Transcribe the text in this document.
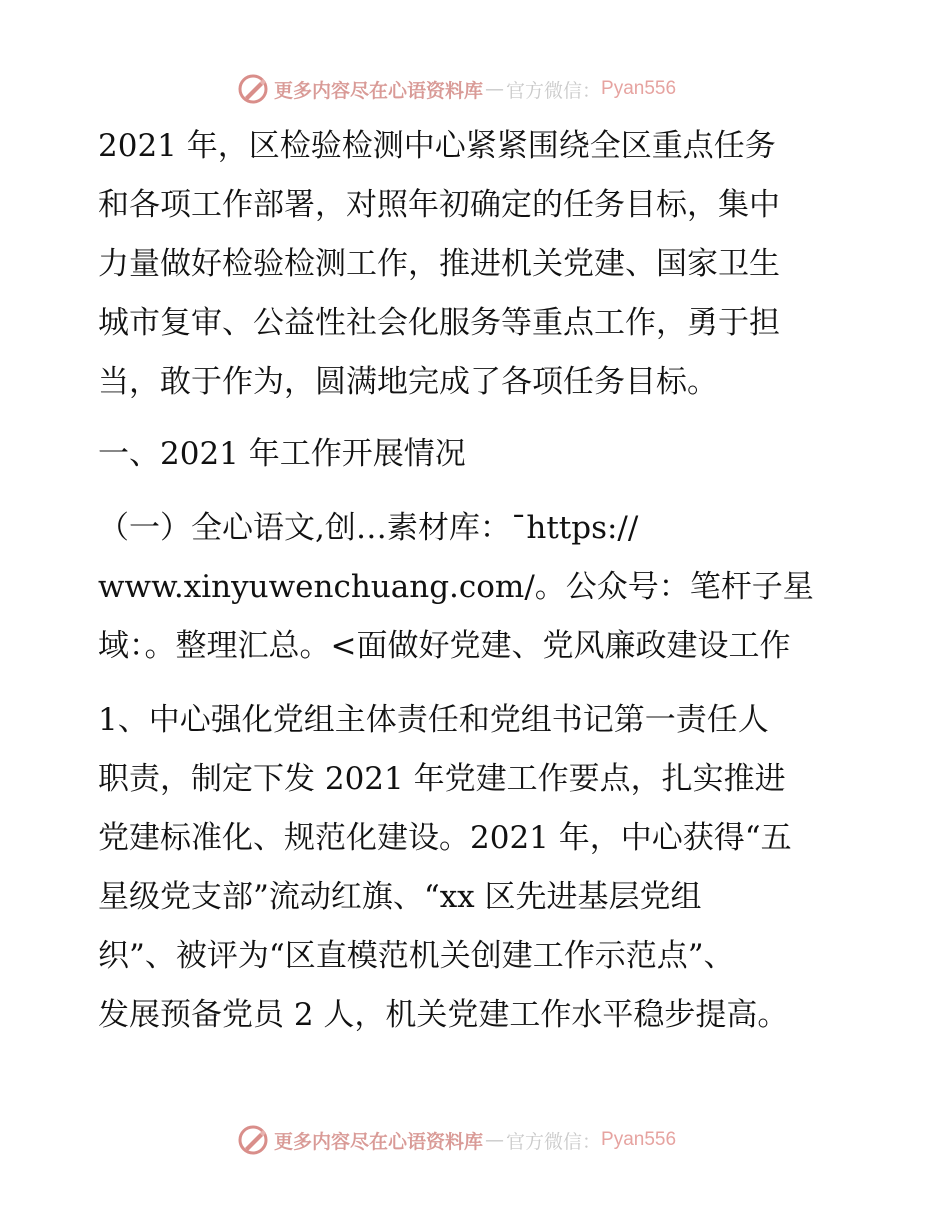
更多内容尽在心语资料库 — 官方微信： Pyan556
2021 年，区检验检测中心紧紧围绕全区重点任务
和各项工作部署，对照年初确定的任务目标，集中
力量做好检验检测工作，推进机关党建、国家卫生
城市复审、公益性社会化服务等重点工作，勇于担
当，敢于作为，圆满地完成了各项任务目标。
一、2021 年工作开展情况
（一）全心语文,创…素材库：¯https://
www.xinyuwenchuang.com/。公众号：笔杆子星
域：。整理汇总。<面做好党建、党风廉政建设工作
1、中心强化党组主体责任和党组书记第一责任人
职责，制定下发 2021 年党建工作要点，扎实推进
党建标准化、规范化建设。2021 年，中心获得“五
星级党支部”流动红旗、“xx 区先进基层党组
织”、被评为“区直模范机关创建工作示范点”、
发展预备党员 2 人，机关党建工作水平稳步提高。
更多内容尽在心语资料库 — 官方微信： Pyan556
